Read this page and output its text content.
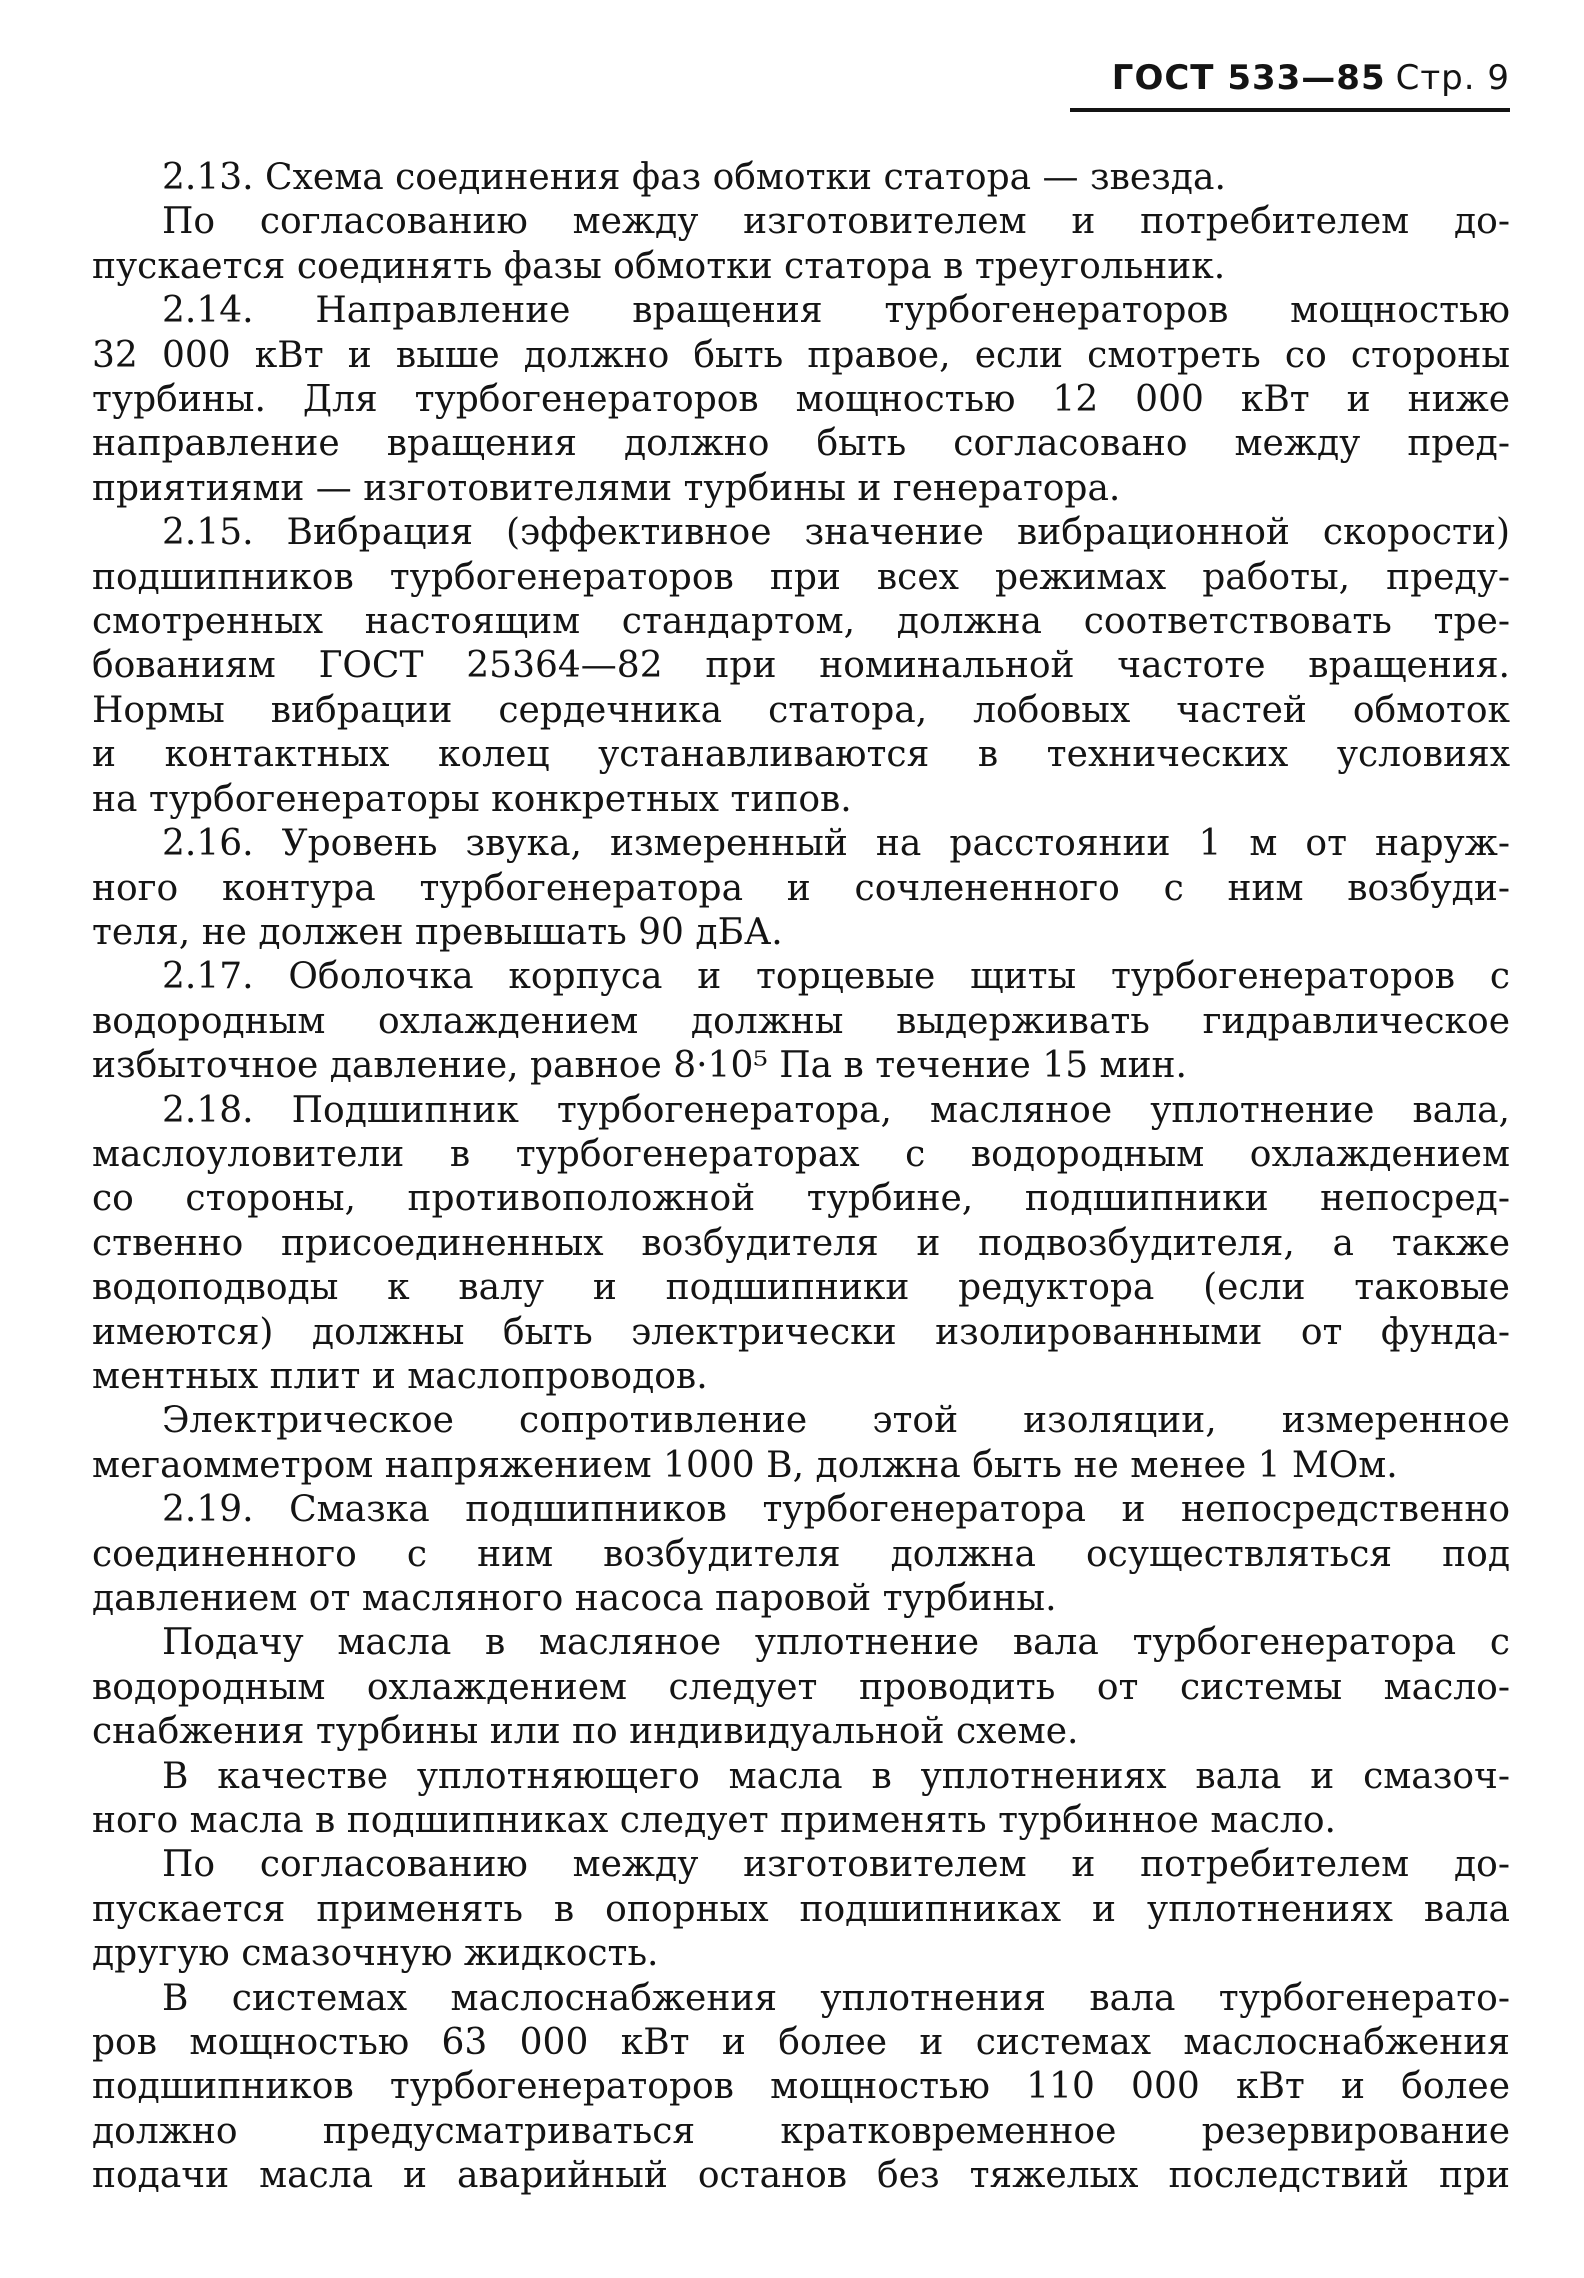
ГОСТ 533—85 Стр. 9

2.13. Схема соединения фаз обмотки статора — звезда.

По согласованию между изготовителем и потребителем до-
пускается соединять фазы обмотки статора в треугольник.

2.14. Направление вращения турбогенераторов мощностью
32 000 кВт и выше должно быть правое, если смотреть со стороны
турбины. Для турбогенераторов мощностью 12 000 кВт и ниже
направление вращения должно быть согласовано между пред-
приятиями — изготовителями турбины и генератора.

2.15. Вибрация (эффективное значение вибрационной скорости)
подшипников турбогенераторов при всех режимах работы, преду-
смотренных настоящим стандартом, должна соответствовать тре-
бованиям ГОСТ 25364—82 при номинальной частоте вращения.
Нормы вибрации сердечника статора, лобовых частей обмоток
и контактных колец устанавливаются в технических условиях
на турбогенераторы конкретных типов.

2.16. Уровень звука, измеренный на расстоянии 1 м от наруж-
ного контура турбогенератора и сочлененного с ним возбуди-
теля, не должен превышать 90 дБА.

2.17. Оболочка корпуса и торцевые щиты турбогенераторов с
водородным охлаждением должны выдерживать гидравлическое
избыточное давление, равное 8·10⁵ Па в течение 15 мин.

2.18. Подшипник турбогенератора, масляное уплотнение вала,
маслоуловители в турбогенераторах с водородным охлаждением
со стороны, противоположной турбине, подшипники непосред-
ственно присоединенных возбудителя и подвозбудителя, а также
водоподводы к валу и подшипники редуктора (если таковые
имеются) должны быть электрически изолированными от фунда-
ментных плит и маслопроводов.

Электрическое сопротивление этой изоляции, измеренное
мегаомметром напряжением 1000 В, должна быть не менее 1 МОм.

2.19. Смазка подшипников турбогенератора и непосредственно
соединенного с ним возбудителя должна осуществляться под
давлением от масляного насоса паровой турбины.

Подачу масла в масляное уплотнение вала турбогенератора с
водородным охлаждением следует проводить от системы масло-
снабжения турбины или по индивидуальной схеме.

В качестве уплотняющего масла в уплотнениях вала и смазоч-
ного масла в подшипниках следует применять турбинное масло.

По согласованию между изготовителем и потребителем до-
пускается применять в опорных подшипниках и уплотнениях вала
другую смазочную жидкость.

В системах маслоснабжения уплотнения вала турбогенерато-
ров мощностью 63 000 кВт и более и системах маслоснабжения
подшипников турбогенераторов мощностью 110 000 кВт и более
должно предусматриваться кратковременное резервирование
подачи масла и аварийный останов без тяжелых последствий при
